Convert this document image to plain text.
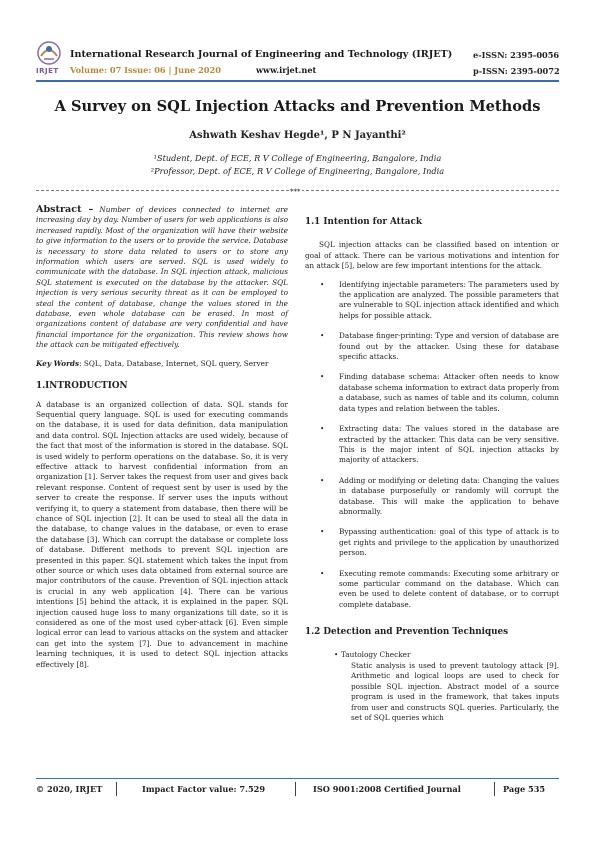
IRJET
International Research Journal of Engineering and Technology (IRJET)
Volume: 07 Issue: 06 | June 2020	www.irjet.net
e-ISSN: 2395-0056
p-ISSN: 2395-0072
A Survey on SQL Injection Attacks and Prevention Methods
Ashwath Keshav Hegde¹, P N Jayanthi²
¹Student, Dept. of ECE, R V College of Engineering, Bangalore, India
²Professor, Dept. of ECE, R V College of Engineering, Bangalore, India
***
Abstract – Number of devices connected to internet are increasing day by day. Number of users for web applications is also increased rapidly. Most of the organization will have their website to give information to the users or to provide the service. Database is necessary to store data related to users or to store any information which users are served. SQL is used widely to communicate with the database. In SQL injection attack, malicious SQL statement is executed on the database by the attacker. SQL injection is very serious security threat as it can be employed to steal the content of database, change the values stored in the database, even whole database can be erased. In most of organizations content of database are very confidential and have financial importance for the organization. This review shows how the attack can be mitigated effectively.
Key Words: SQL, Data, Database, Internet, SQL query, Server
1.INTRODUCTION
A database is an organized collection of data. SQL stands for Sequential query language. SQL is used for executing commands on the database, it is used for data definition, data manipulation and data control. SQL Injection attacks are used widely, because of the fact that most of the information is stored in the database. SQL is used widely to perform operations on the database. So, it is very effective attack to harvest confidential information from an organization [1]. Server takes the request from user and gives back relevant response. Content of request sent by user is used by the server to create the response. If server uses the inputs without verifying it, to query a statement from database, then there will be chance of SQL injection [2]. It can be used to steal all the data in the database, to change values in the database, or even to erase the database [3]. Which can corrupt the database or complete loss of database. Different methods to prevent SQL injection are presented in this paper. SQL statement which takes the input from other source or which uses data obtained from external source are major contributors of the cause. Prevention of SQL injection attack is crucial in any web application [4]. There can be various intentions [5] behind the attack, it is explained in the paper. SQL injection caused huge loss to many organizations till date, so it is considered as one of the most used cyber-attack [6]. Even simple logical error can lead to various attacks on the system and attacker can get into the system [7]. Due to advancement in machine learning techniques, it is used to detect SQL injection attacks effectively [8].
1.1 Intention for Attack
SQL injection attacks can be classified based on intention or goal of attack. There can be various motivations and intention for an attack [5], below are few important intentions for the attack.
• Identifying injectable parameters: The parameters used by the application are analyzed. The possible parameters that are vulnerable to SQL injection attack identified and which helps for possible attack.
• Database finger-printing: Type and version of database are found out by the attacker. Using these for database specific attacks.
• Finding database schema: Attacker often needs to know database schema information to extract data properly from a database, such as names of table and its column, column data types and relation between the tables.
• Extracting data: The values stored in the database are extracted by the attacker. This data can be very sensitive. This is the major intent of SQL injection attacks by majority of attackers.
• Adding or modifying or deleting data: Changing the values in database purposefully or randomly will corrupt the database. This will make the application to behave abnormally.
• Bypassing authentication: goal of this type of attack is to get rights and privilege to the application by unauthorized person.
• Executing remote commands: Executing some arbitrary or some particular command on the database. Which can even be used to delete content of database, or to corrupt complete database.
1.2 Detection and Prevention Techniques
• Tautology Checker
Static analysis is used to prevent tautology attack [9]. Arithmetic and logical loops are used to check for possible SQL injection. Abstract model of a source program is used in the framework, that takes inputs from user and constructs SQL queries. Particularly, the set of SQL queries which
© 2020, IRJET	Impact Factor value: 7.529	ISO 9001:2008 Certified Journal	Page 535
